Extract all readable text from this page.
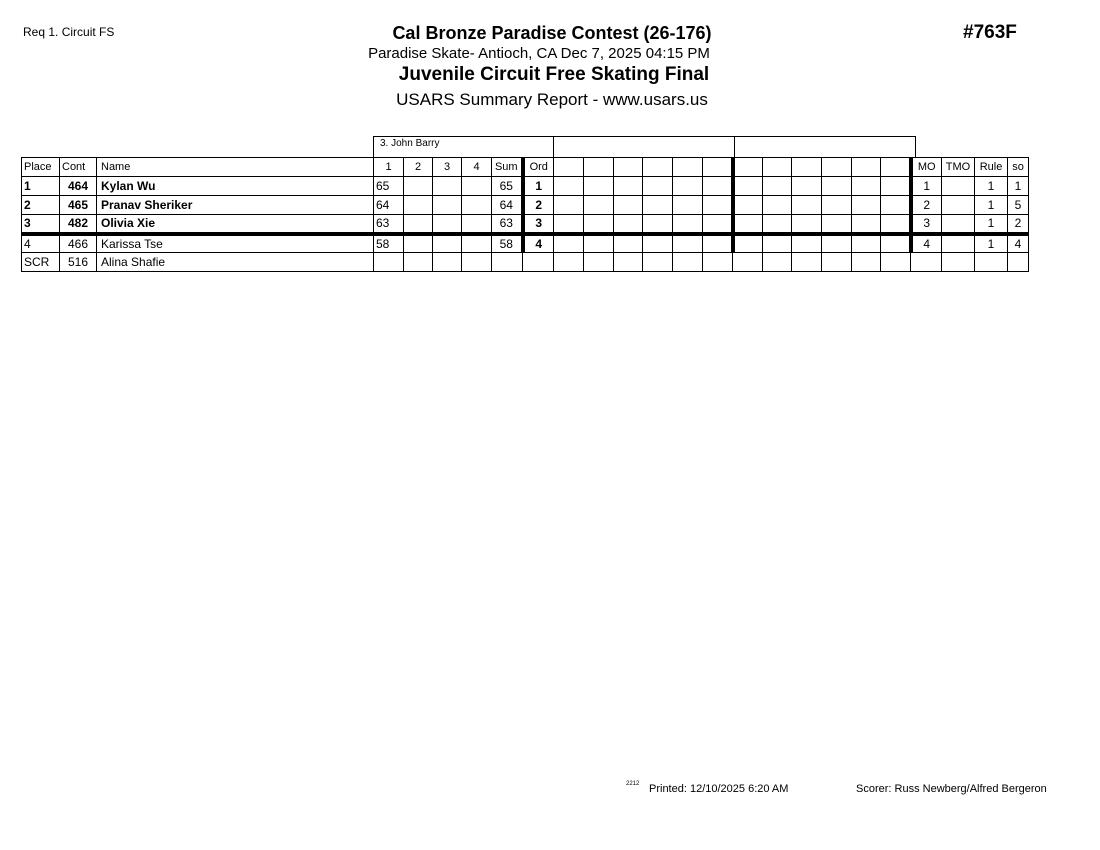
Req 1. Circuit FS	#763F
Cal Bronze Paradise Contest (26-176)
Paradise Skate- Antioch, CA Dec 7, 2025 04:15 PM
Juvenile Circuit Free Skating Final
USARS Summary Report - www.usars.us
3. John Barry
Place	Cont	Name	1	2	3	4	Sum	Ord													MO	TMO	Rule	so
1	464	Kylan Wu	65				65	1													1		1	1
2	465	Pranav Sheriker	64				64	2													2		1	5
3	482	Olivia Xie	63				63	3													3		1	2
4	466	Karissa Tse	58				58	4													4		1	4
SCR	516	Alina Shafie																						
2212 Printed: 12/10/2025 6:20 AM	Scorer: Russ Newberg/Alfred Bergeron
